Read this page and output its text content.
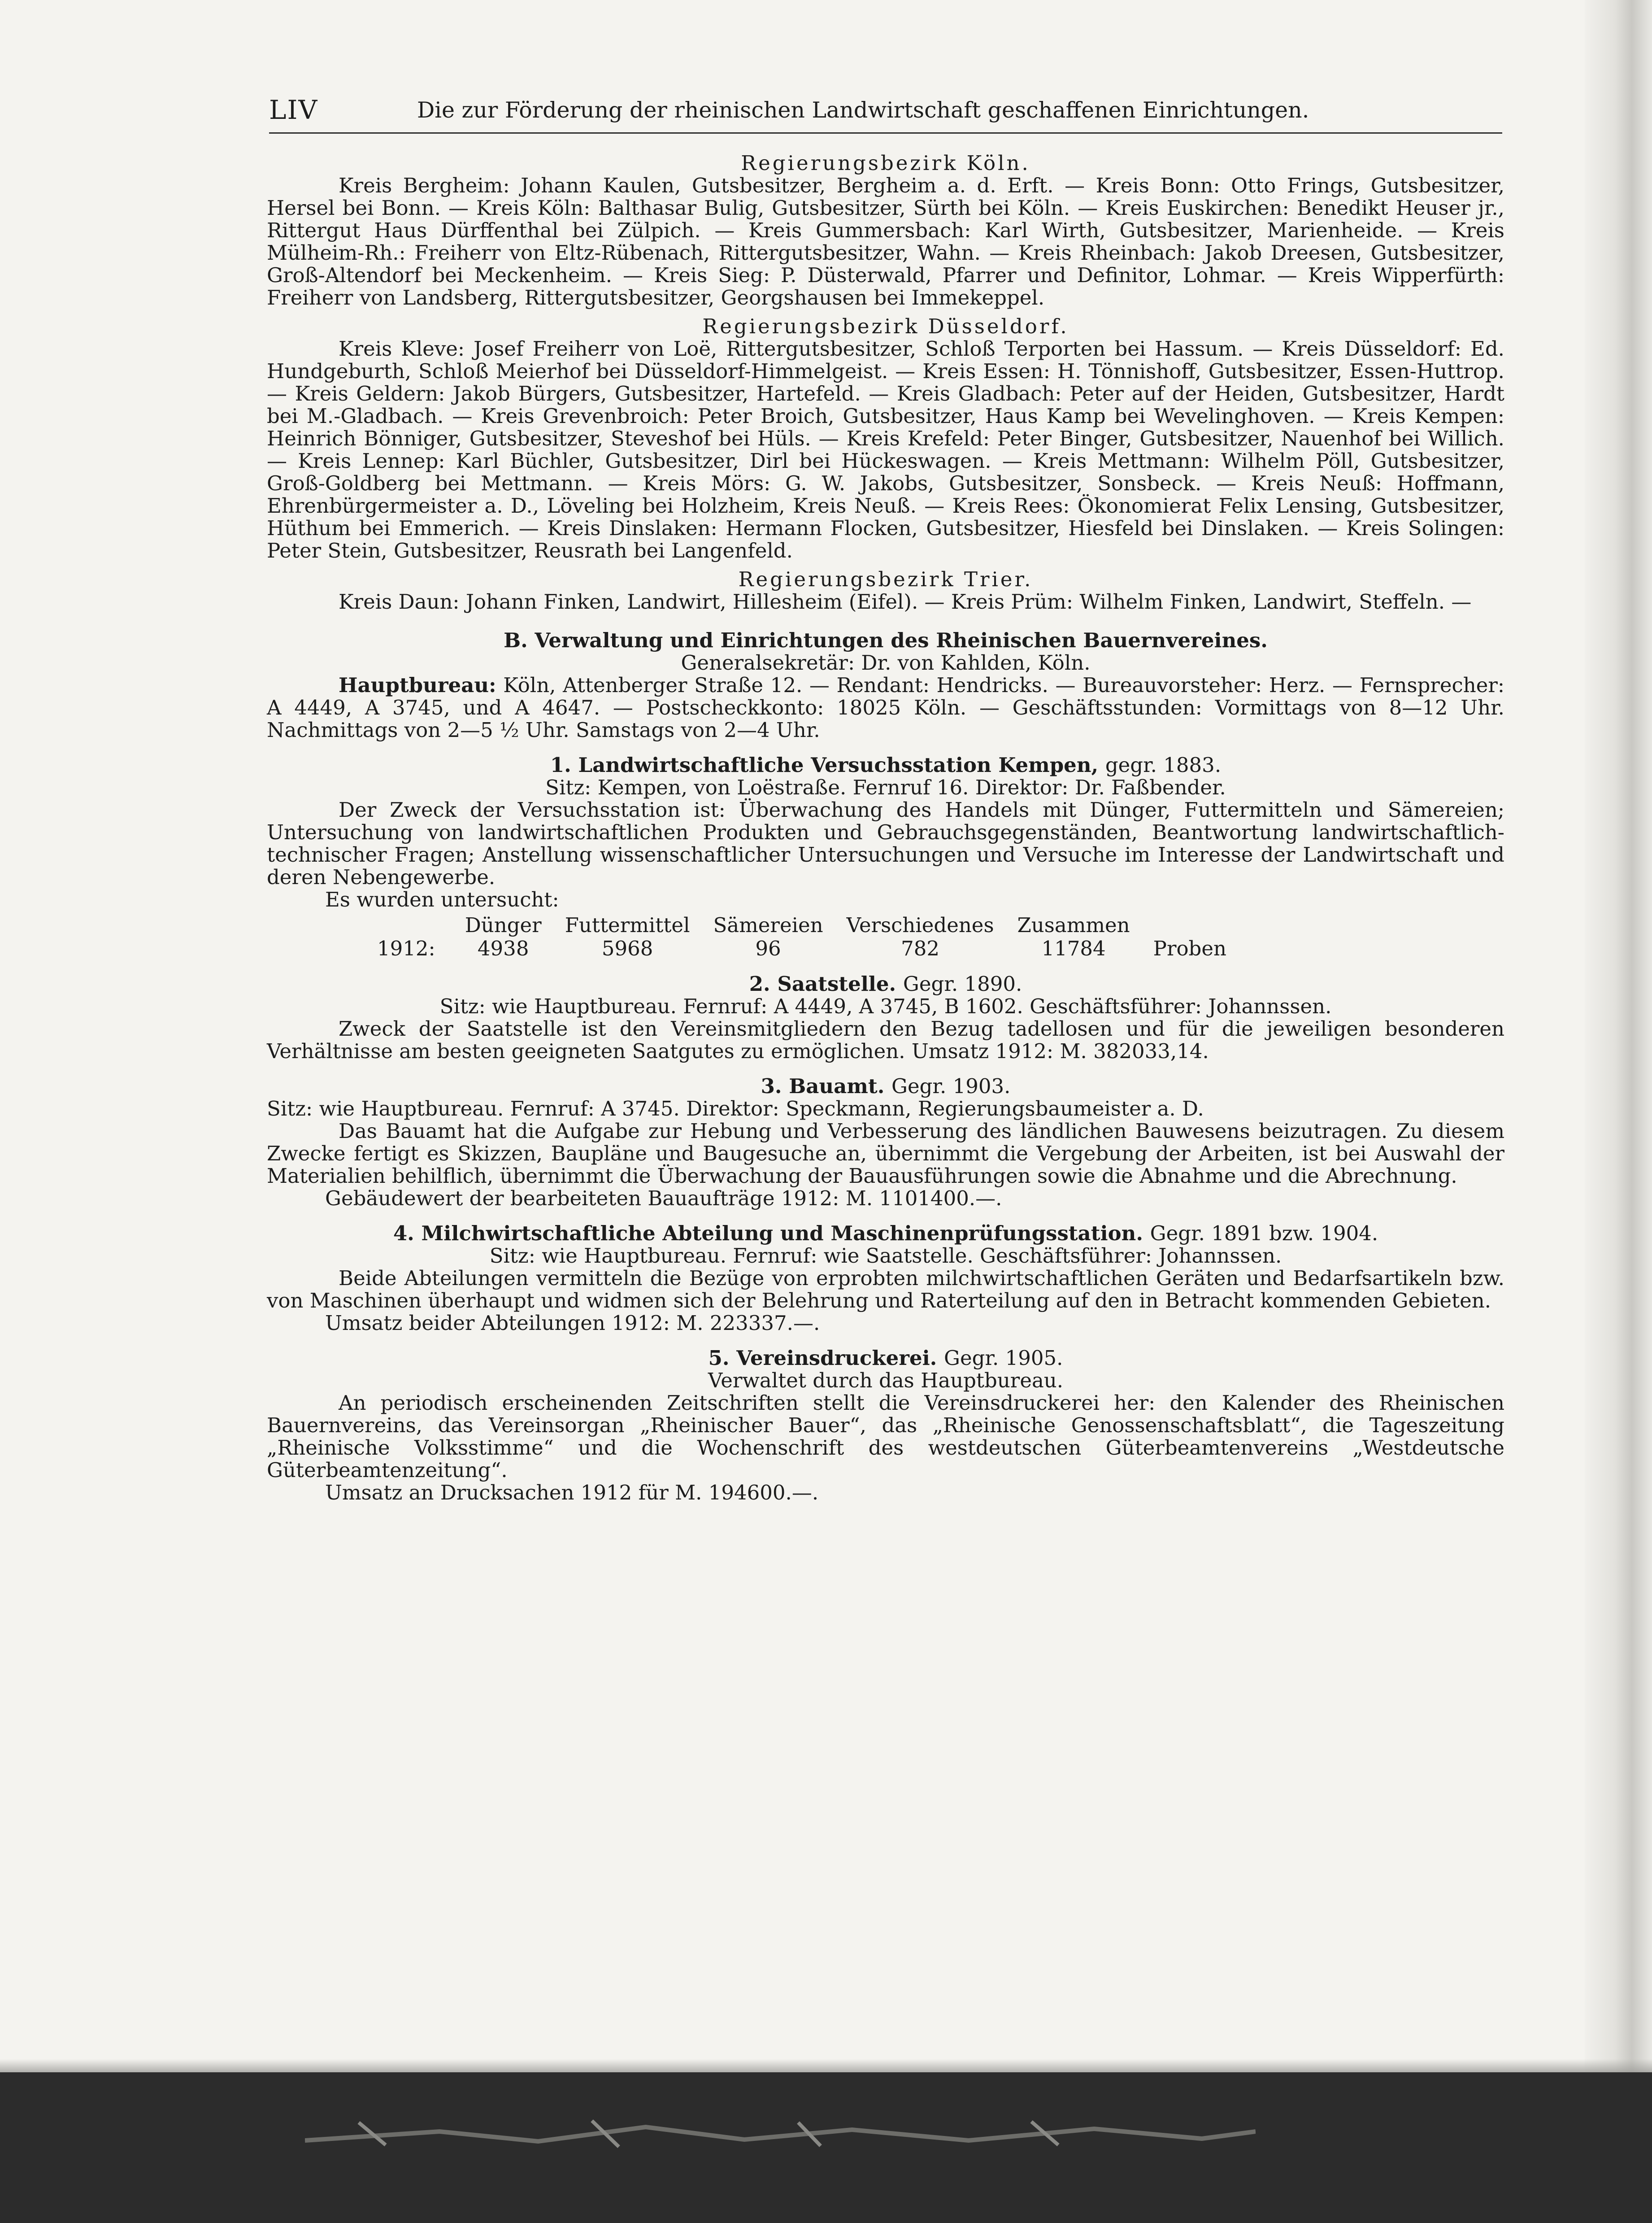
LIV	Die zur Förderung der rheinischen Landwirtschaft geschaffenen Einrichtungen.
Regierungsbezirk Köln.

Kreis Bergheim: Johann Kaulen, Gutsbesitzer, Bergheim a. d. Erft. — Kreis Bonn: Otto Frings, Gutsbesitzer, Hersel bei Bonn. — Kreis Köln: Balthasar Bulig, Gutsbesitzer, Sürth bei Köln. — Kreis Euskirchen: Benedikt Heuser jr., Rittergut Haus Dürffenthal bei Zülpich. — Kreis Gummersbach: Karl Wirth, Gutsbesitzer, Marienheide. — Kreis Mülheim-Rh.: Freiherr von Eltz-Rübenach, Rittergutsbesitzer, Wahn. — Kreis Rheinbach: Jakob Dreesen, Gutsbesitzer, Groß-Altendorf bei Meckenheim. — Kreis Sieg: P. Düsterwald, Pfarrer und Definitor, Lohmar. — Kreis Wipperfürth: Freiherr von Landsberg, Rittergutsbesitzer, Georgshausen bei Immekeppel.

Regierungsbezirk Düsseldorf.

Kreis Kleve: Josef Freiherr von Loë, Rittergutsbesitzer, Schloß Terporten bei Hassum. — Kreis Düsseldorf: Ed. Hundgeburth, Schloß Meierhof bei Düsseldorf-Himmelgeist. — Kreis Essen: H. Tönnishoff, Gutsbesitzer, Essen-Huttrop. — Kreis Geldern: Jakob Bürgers, Gutsbesitzer, Hartefeld. — Kreis Gladbach: Peter auf der Heiden, Gutsbesitzer, Hardt bei M.-Gladbach. — Kreis Grevenbroich: Peter Broich, Gutsbesitzer, Haus Kamp bei Wevelinghoven. — Kreis Kempen: Heinrich Bönniger, Gutsbesitzer, Steveshof bei Hüls. — Kreis Krefeld: Peter Binger, Gutsbesitzer, Nauenhof bei Willich. — Kreis Lennep: Karl Büchler, Gutsbesitzer, Dirl bei Hückeswagen. — Kreis Mettmann: Wilhelm Pöll, Gutsbesitzer, Groß-Goldberg bei Mettmann. — Kreis Mörs: G. W. Jakobs, Gutsbesitzer, Sonsbeck. — Kreis Neuß: Hoffmann, Ehrenbürgermeister a. D., Löveling bei Holzheim, Kreis Neuß. — Kreis Rees: Ökonomierat Felix Lensing, Gutsbesitzer, Hüthum bei Emmerich. — Kreis Dinslaken: Hermann Flocken, Gutsbesitzer, Hiesfeld bei Dinslaken. — Kreis Solingen: Peter Stein, Gutsbesitzer, Reusrath bei Langenfeld.

Regierungsbezirk Trier.

Kreis Daun: Johann Finken, Landwirt, Hillesheim (Eifel). — Kreis Prüm: Wilhelm Finken, Landwirt, Steffeln. —

B. Verwaltung und Einrichtungen des Rheinischen Bauernvereines.
Generalsekretär: Dr. von Kahlden, Köln.

Hauptbureau: Köln, Attenberger Straße 12. — Rendant: Hendricks. — Bureauvorsteher: Herz. — Fernsprecher: A 4449, A 3745, und A 4647. — Postscheckkonto: 18025 Köln. — Geschäftsstunden: Vormittags von 8—12 Uhr. Nachmittags von 2—5 ½ Uhr. Samstags von 2—4 Uhr.

1. Landwirtschaftliche Versuchsstation Kempen, gegr. 1883.
Sitz: Kempen, von Loëstraße. Fernruf 16. Direktor: Dr. Faßbender.

Der Zweck der Versuchsstation ist: Überwachung des Handels mit Dünger, Futtermitteln und Sämereien; Untersuchung von landwirtschaftlichen Produkten und Gebrauchsgegenständen, Beantwortung landwirtschaftlich-technischer Fragen; Anstellung wissenschaftlicher Untersuchungen und Versuche im Interesse der Landwirtschaft und deren Nebengewerbe.

Es wurden untersucht:
	Dünger	Futtermittel	Sämereien	Verschiedenes	Zusammen	
1912:	4938	5968	96	782	11784	Proben
2. Saatstelle. Gegr. 1890.
Sitz: wie Hauptbureau. Fernruf: A 4449, A 3745, B 1602. Geschäftsführer: Johannssen.

Zweck der Saatstelle ist den Vereinsmitgliedern den Bezug tadellosen und für die jeweiligen besonderen Verhältnisse am besten geeigneten Saatgutes zu ermöglichen. Umsatz 1912: M. 382033,14.

3. Bauamt. Gegr. 1903.
Sitz: wie Hauptbureau. Fernruf: A 3745. Direktor: Speckmann, Regierungsbaumeister a. D.

Das Bauamt hat die Aufgabe zur Hebung und Verbesserung des ländlichen Bauwesens beizutragen. Zu diesem Zwecke fertigt es Skizzen, Baupläne und Baugesuche an, übernimmt die Vergebung der Arbeiten, ist bei Auswahl der Materialien behilflich, übernimmt die Überwachung der Bauausführungen sowie die Abnahme und die Abrechnung.

Gebäudewert der bearbeiteten Bauaufträge 1912: M. 1101400.—.
4. Milchwirtschaftliche Abteilung und Maschinenprüfungsstation. Gegr. 1891 bzw. 1904.
Sitz: wie Hauptbureau. Fernruf: wie Saatstelle. Geschäftsführer: Johannssen.

Beide Abteilungen vermitteln die Bezüge von erprobten milchwirtschaftlichen Geräten und Bedarfsartikeln bzw. von Maschinen überhaupt und widmen sich der Belehrung und Raterteilung auf den in Betracht kommenden Gebieten.

Umsatz beider Abteilungen 1912: M. 223337.—.
5. Vereinsdruckerei. Gegr. 1905.
Verwaltet durch das Hauptbureau.

An periodisch erscheinenden Zeitschriften stellt die Vereinsdruckerei her: den Kalender des Rheinischen Bauernvereins, das Vereinsorgan „Rheinischer Bauer“, das „Rheinische Genossenschaftsblatt“, die Tageszeitung „Rheinische Volksstimme“ und die Wochenschrift des westdeutschen Güterbeamtenvereins „Westdeutsche Güterbeamtenzeitung“.

Umsatz an Drucksachen 1912 für M. 194600.—.
